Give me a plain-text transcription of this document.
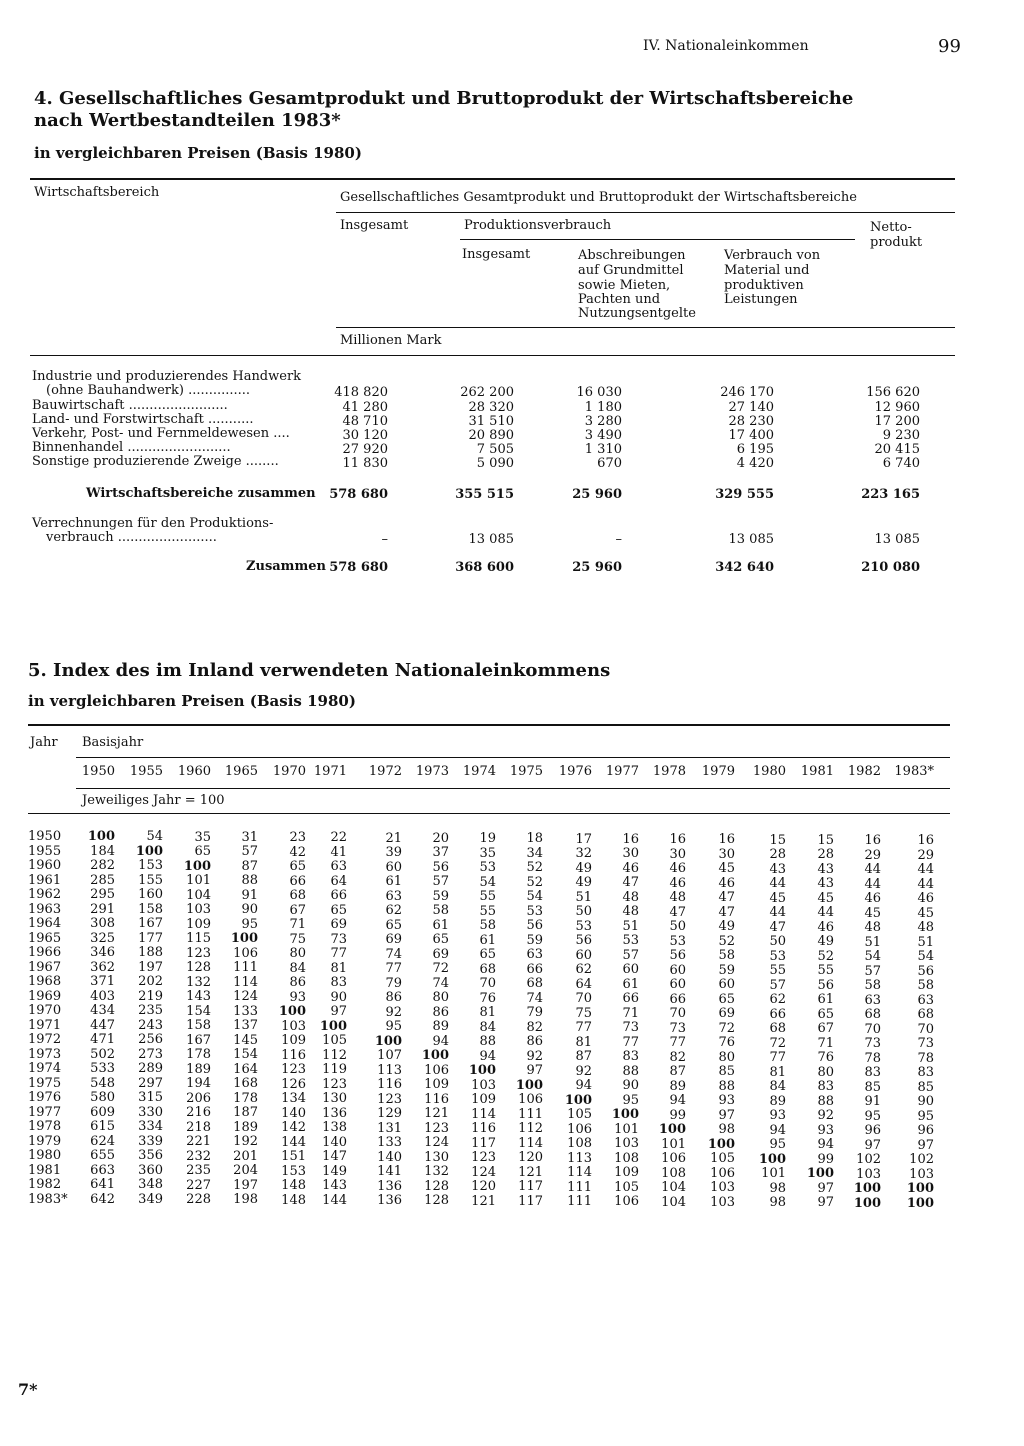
IV. Nationaleinkommen	99
4. Gesellschaftliches Gesamtprodukt und Bruttoprodukt der Wirtschaftsbereiche
nach Wertbestandteilen 1983*
in vergleichbaren Preisen (Basis 1980)
Wirtschaftsbereich	Gesellschaftliches Gesamtprodukt und Bruttoprodukt der Wirtschaftsbereiche
Insgesamt	Produktionsverbrauch	Netto-
produkt
Insgesamt	Abschreibungen
auf Grundmittel
sowie Mieten,
Pachten und
Nutzungsentgelte
Verbrauch von
Material und
produktiven
Leistungen
Millionen Mark
Industrie und produzierendes Handwerk
(ohne Bauhandwerk) ...............	418 820	262 200	16 030	246 170	156 620
Bauwirtschaft ........................	41 280	28 320	1 180	27 140	12 960
Land- und Forstwirtschaft ...........	48 710	31 510	3 280	28 230	17 200
Verkehr, Post- und Fernmeldewesen ....	30 120	20 890	3 490	17 400	9 230
Binnenhandel .........................	27 920	7 505	1 310	6 195	20 415
Sonstige produzierende Zweige ........	11 830	5 090	670	4 420	6 740
Wirtschaftsbereiche zusammen 578 680	355 515	25 960	329 555	223 165
Verrechnungen für den Produktions-
verbrauch ........................	–	13 085	–	13 085	13 085
Zusammen 578 680	368 600	25 960	342 640	210 080
5. Index des im Inland verwendeten Nationaleinkommens
in vergleichbaren Preisen (Basis 1980)
Jahr Basisjahr
1950 1955 1960 1965 1970 1971 1972 1973 1974 1975 1976 1977 1978 1979 1980 1981 1982 1983*
Jeweiliges Jahr = 100
1950 100 54 35 31 23 22	21 20 19 18 17 16 16 16	15 15 16	16
1955 184 100 65 57 42 41	39 37 35 34 32 30 30 30	28 28 29	29
1960 282 153 100 87 65 63	60 56 53 52 49 46 46 45	43 43 44	44
1961 285 155 101 88 66 64	61 57 54 52 49 47 46 46	44 43 44	44
1962 295 160 104 91 68 66	63 59 55 54 51 48 48 47	45 45 46	46
1963 291 158 103 90 67 65	62 58 55 53 50 48 47 47	44 44 45	45
1964 308 167 109 95 71 69	65 61 58 56 53 51 50 49	47 46 48	48
1965 325 177 115 100 75 73	69 65 61 59 56 53 53 52	50 49 51	51
1966 346 188 123 106 80 77	74 69 65 63 60 57 56 58	53 52 54	54
1967 362 197 128 111 84 81	77 72 68 66 62 60 60 59	55 55 57	56
1968 371 202 132 114 86 83	79 74 70 68 64 61 60 60	57 56 58	58
1969 403 219 143 124 93 90	86 80 76 74 70 66 66 65	62 61 63	63
1970 434 235 154 133 100 97	92 86 81 79 75 71 70 69	66 65 68	68
1971 447 243 158 137 103 100	95 89 84 82 77 73 73 72	68 67 70	70
1972 471 256 167 145 109 105 100 94 88 86 81 77 77 76	72 71 73	73
1973 502 273 178 154 116 112 107 100 94 92 87 83 82 80	77 76 78	78
1974 533 289 189 164 123 119 113 106 100 97 92 88 87 85	81 80 83	83
1975 548 297 194 168 126 123 116 109 103 100 94 90 89 88	84 83 85	85
1976 580 315 206 178 134 130 123 116 109 106 100 95 94 93	89 88 91	90
1977 609 330 216 187 140 136 129 121 114 111 105 100 99 97	93 92 95	95
1978 615 334 218 189 142 138 131 123 116 112 106 101 100 98	94 93 96	96
1979 624 339 221 192 144 140 133 124 117 114 108 103 101 100	95 94 97	97
1980 655 356 232 201 151 147 140 130 123 120 113 108 106 105 100 99 102 102
1981 663 360 235 204 153 149 141 132 124 121 114 109 108 106 101 100 103 103
1982 641 348 227 197 148 143 136 128 120 117 111 105 104 103	98 97 100 100
1983* 642 349 228 198 148 144 136 128 121 117 111 106 104 103	98 97 100 100
7*
